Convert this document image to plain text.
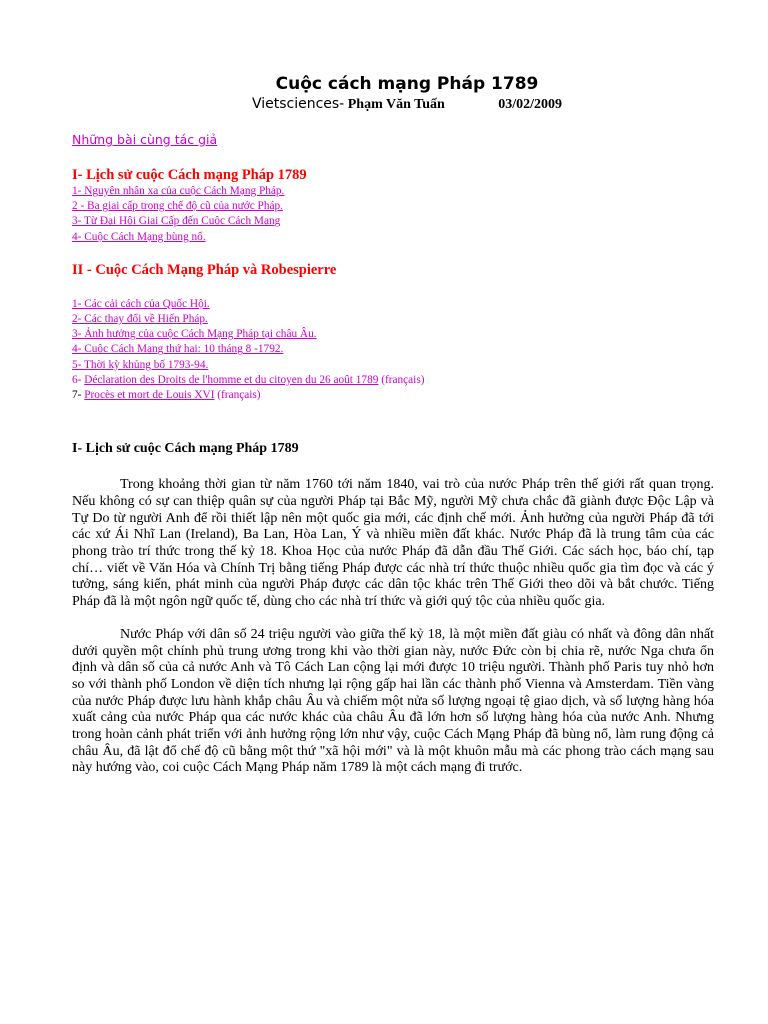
Cuộc cách mạng Pháp 1789
Vietsciences- Phạm Văn Tuấn	03/02/2009
Những bài cùng tác giả
I- Lịch sử cuộc Cách mạng Pháp 1789
1- Nguyên nhân xa của cuộc Cách Mạng Pháp.
2 - Ba giai cấp trong chế độ cũ của nước Pháp.
3- Từ Đại Hội Giai Cấp đến Cuộc Cách Mạng
4- Cuộc Cách Mạng bùng nổ.
II - Cuộc Cách Mạng Pháp và Robespierre
1- Các cải cách của Quốc Hội.
2- Các thay đổi về Hiến Pháp.
3- Ảnh hưởng của cuộc Cách Mạng Pháp tại châu Âu.
4- Cuộc Cách Mạng thứ hai: 10 tháng 8 -1792.
5- Thời kỳ khủng bố 1793-94.
6- Déclaration des Droits de l'homme et du citoyen du 26 août 1789 (français)
7- Procès et mort de Louis XVI (français)
I- Lịch sử cuộc Cách mạng Pháp 1789

Trong khoảng thời gian từ năm 1760 tới năm 1840, vai trò của nước Pháp trên thế giới rất quan trọng. Nếu không có sự can thiệp quân sự của người Pháp tại Bắc Mỹ, người Mỹ chưa chắc đã giành được Độc Lập và Tự Do từ người Anh để rồi thiết lập nên một quốc gia mới, các định chế mới. Ảnh hưởng của người Pháp đã tới các xứ Ái Nhĩ Lan (Ireland), Ba Lan, Hòa Lan, Ý và nhiều miền đất khác. Nước Pháp đã là trung tâm của các phong trào trí thức trong thế kỷ 18. Khoa Học của nước Pháp đã dẫn đầu Thế Giới. Các sách học, báo chí, tạp chí… viết về Văn Hóa và Chính Trị bằng tiếng Pháp được các nhà trí thức thuộc nhiều quốc gia tìm đọc và các ý tưởng, sáng kiến, phát minh của người Pháp được các dân tộc khác trên Thế Giới theo dõi và bắt chước. Tiếng Pháp đã là một ngôn ngữ quốc tế, dùng cho các nhà trí thức và giới quý tộc của nhiều quốc gia.

Nước Pháp với dân số 24 triệu người vào giữa thế kỷ 18, là một miền đất giàu có nhất và đông dân nhất dưới quyền một chính phủ trung ương trong khi vào thời gian này, nước Đức còn bị chia rẽ, nước Nga chưa ổn định và dân số của cả nước Anh và Tô Cách Lan cộng lại mới được 10 triệu người. Thành phố Paris tuy nhỏ hơn so với thành phố London về diện tích nhưng lại rộng gấp hai lần các thành phố Vienna và Amsterdam. Tiền vàng của nước Pháp được lưu hành khắp châu Âu và chiếm một nửa số lượng ngoại tệ giao dịch, và số lượng hàng hóa xuất cảng của nước Pháp qua các nước khác của châu Âu đã lớn hơn số lượng hàng hóa của nước Anh. Nhưng trong hoàn cảnh phát triển với ảnh hưởng rộng lớn như vậy, cuộc Cách Mạng Pháp đã bùng nổ, làm rung động cả châu Âu, đã lật đổ chế độ cũ bằng một thứ "xã hội mới" và là một khuôn mẫu mà các phong trào cách mạng sau này hướng vào, coi cuộc Cách Mạng Pháp năm 1789 là một cách mạng đi trước.
